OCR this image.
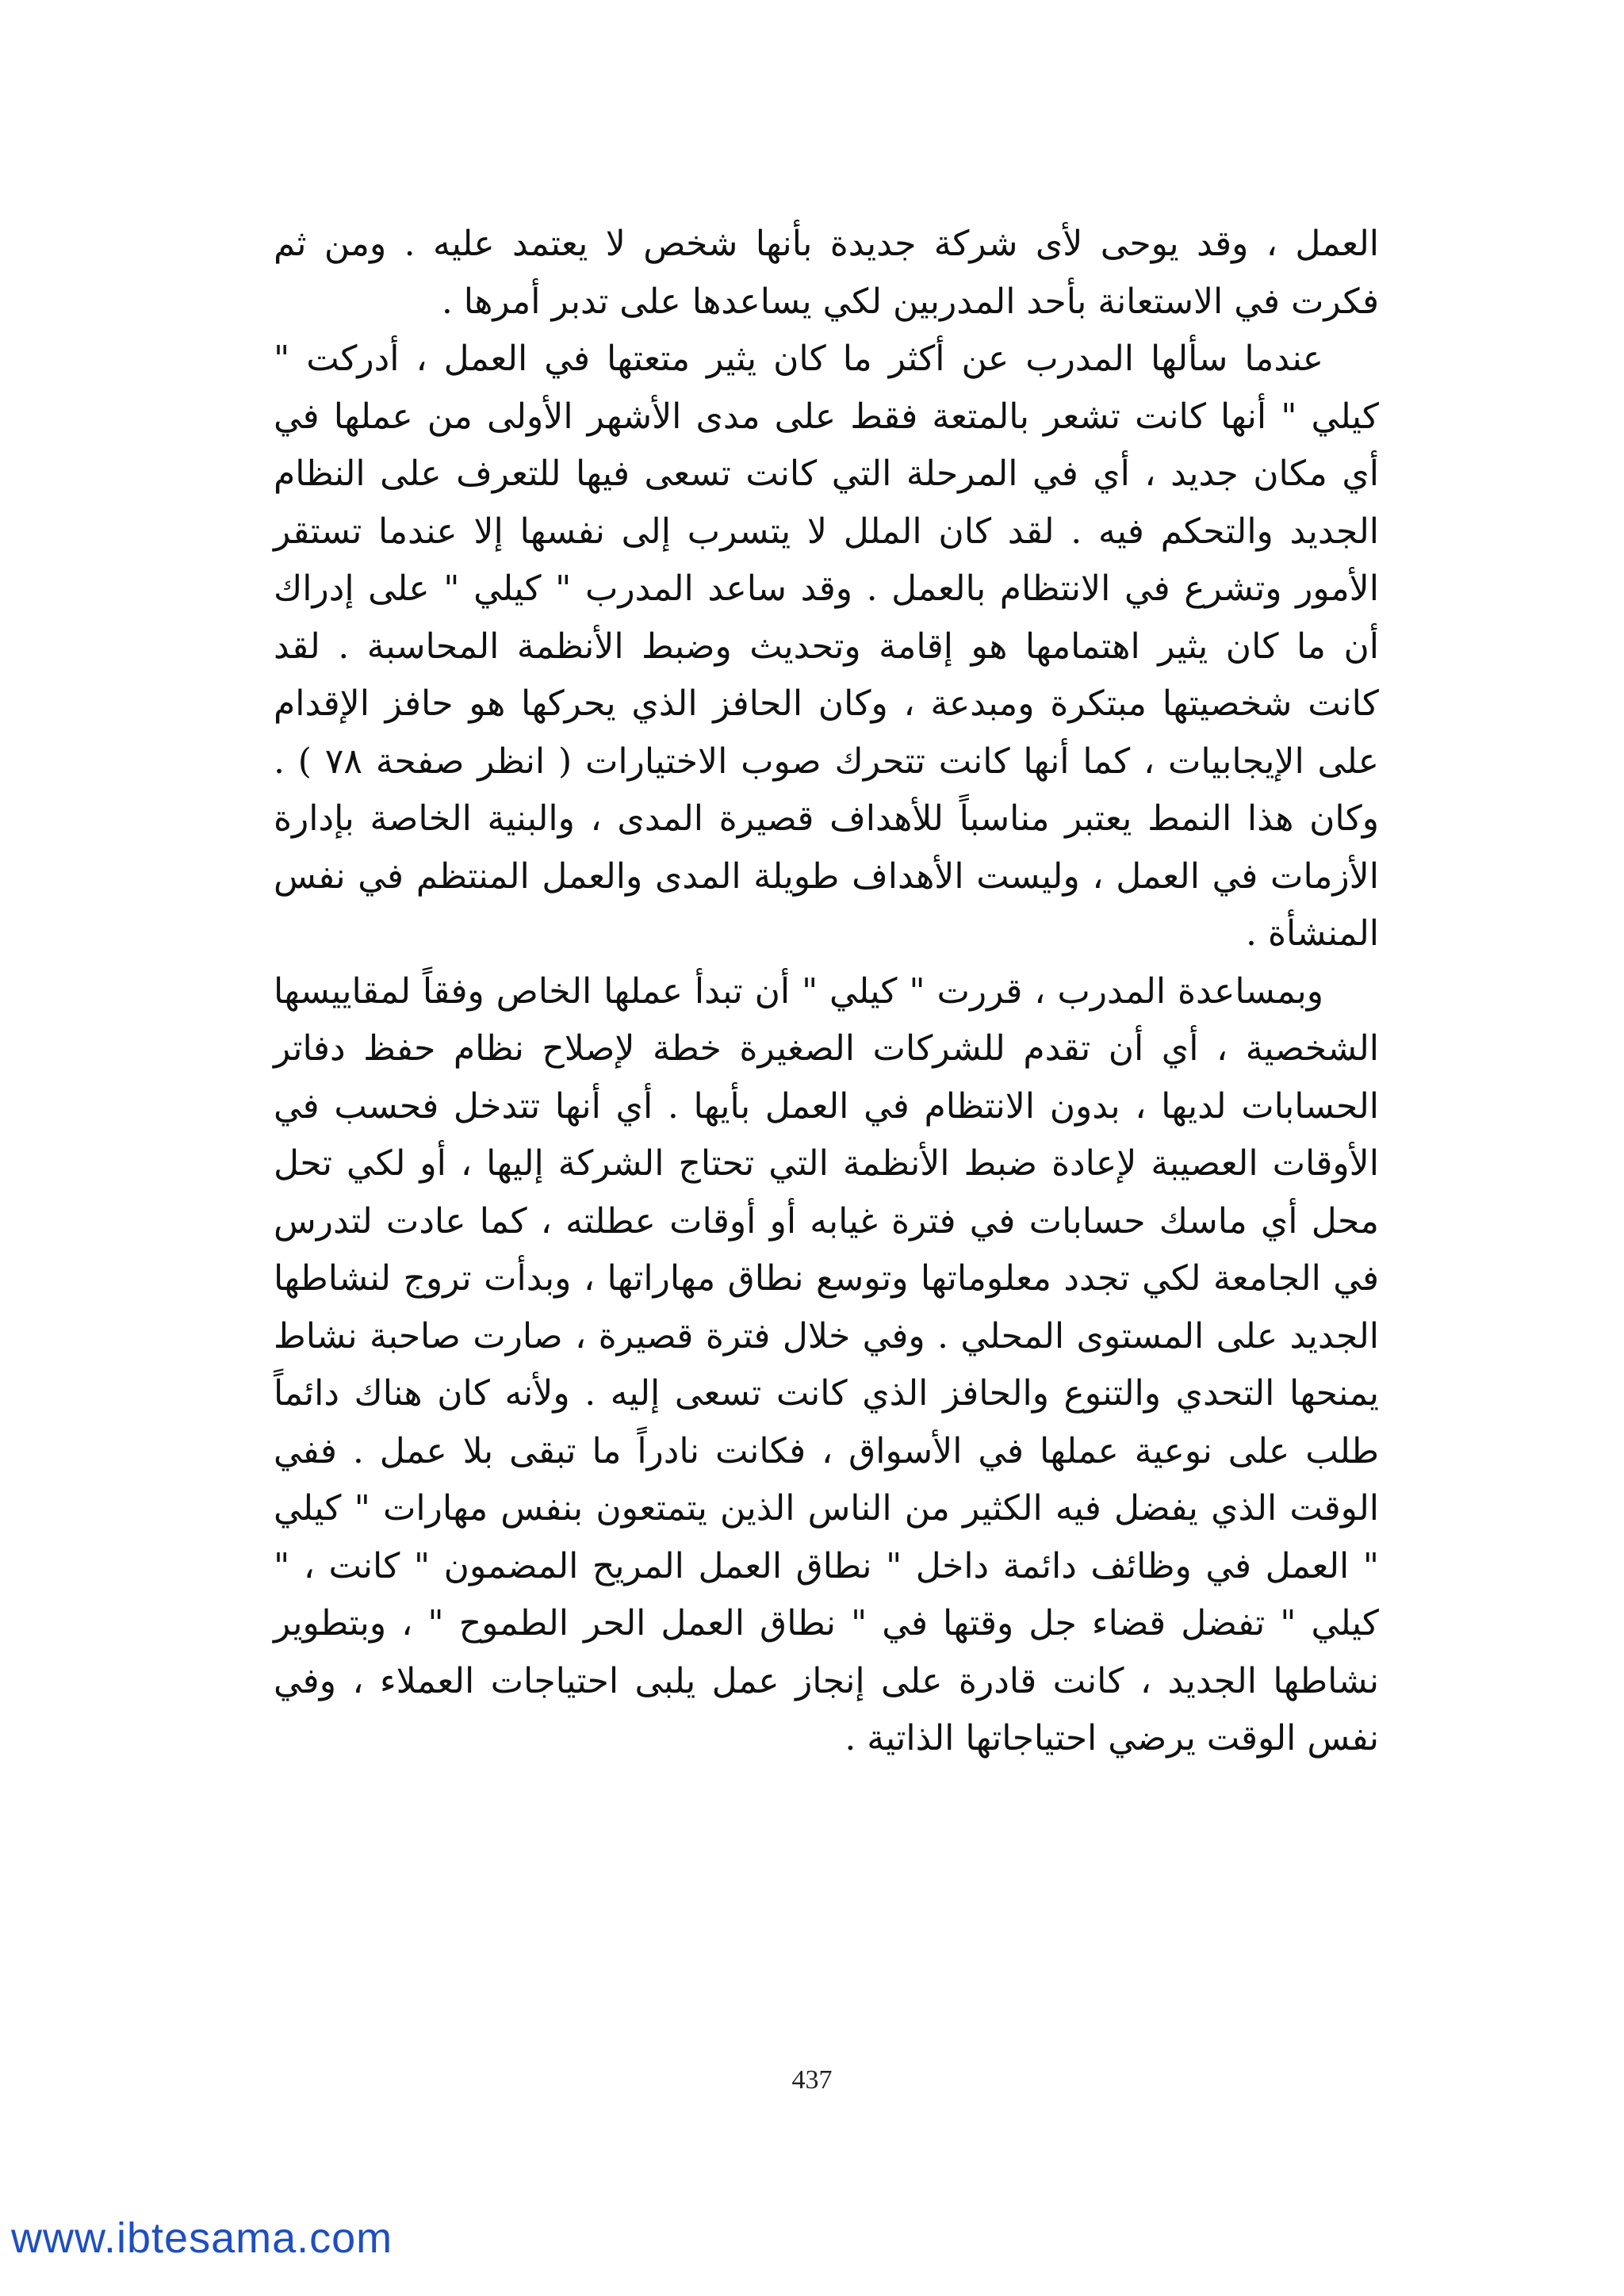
العمل ، وقد يوحى لأى شركة جديدة بأنها شخص لا يعتمد عليه . ومن ثم فكرت في الاستعانة بأحد المدربين لكي يساعدها على تدبر أمرها .

عندما سألها المدرب عن أكثر ما كان يثير متعتها في العمل ، أدركت " كيلي " أنها كانت تشعر بالمتعة فقط على مدى الأشهر الأولى من عملها في أي مكان جديد ، أي في المرحلة التي كانت تسعى فيها للتعرف على النظام الجديد والتحكم فيه . لقد كان الملل لا يتسرب إلى نفسها إلا عندما تستقر الأمور وتشرع في الانتظام بالعمل . وقد ساعد المدرب " كيلي " على إدراك أن ما كان يثير اهتمامها هو إقامة وتحديث وضبط الأنظمة المحاسبة . لقد كانت شخصيتها مبتكرة ومبدعة ، وكان الحافز الذي يحركها هو حافز الإقدام على الإيجابيات ، كما أنها كانت تتحرك صوب الاختيارات ( انظر صفحة ٧٨ ) . وكان هذا النمط يعتبر مناسباً للأهداف قصيرة المدى ، والبنية الخاصة بإدارة الأزمات في العمل ، وليست الأهداف طويلة المدى والعمل المنتظم في نفس المنشأة .

وبمساعدة المدرب ، قررت " كيلي " أن تبدأ عملها الخاص وفقاً لمقاييسها الشخصية ، أي أن تقدم للشركات الصغيرة خطة لإصلاح نظام حفظ دفاتر الحسابات لديها ، بدون الانتظام في العمل بأيها . أي أنها تتدخل فحسب في الأوقات العصيبة لإعادة ضبط الأنظمة التي تحتاج الشركة إليها ، أو لكي تحل محل أي ماسك حسابات في فترة غيابه أو أوقات عطلته ، كما عادت لتدرس في الجامعة لكي تجدد معلوماتها وتوسع نطاق مهاراتها ، وبدأت تروج لنشاطها الجديد على المستوى المحلي . وفي خلال فترة قصيرة ، صارت صاحبة نشاط يمنحها التحدي والتنوع والحافز الذي كانت تسعى إليه . ولأنه كان هناك دائماً طلب على نوعية عملها في الأسواق ، فكانت نادراً ما تبقى بلا عمل . ففي الوقت الذي يفضل فيه الكثير من الناس الذين يتمتعون بنفس مهارات " كيلي " العمل في وظائف دائمة داخل " نطاق العمل المريح المضمون " كانت ، " كيلي " تفضل قضاء جل وقتها في " نطاق العمل الحر الطموح " ، وبتطوير نشاطها الجديد ، كانت قادرة على إنجاز عمل يلبى احتياجات العملاء ، وفي نفس الوقت يرضي احتياجاتها الذاتية .

437
www.ibtesama.com
